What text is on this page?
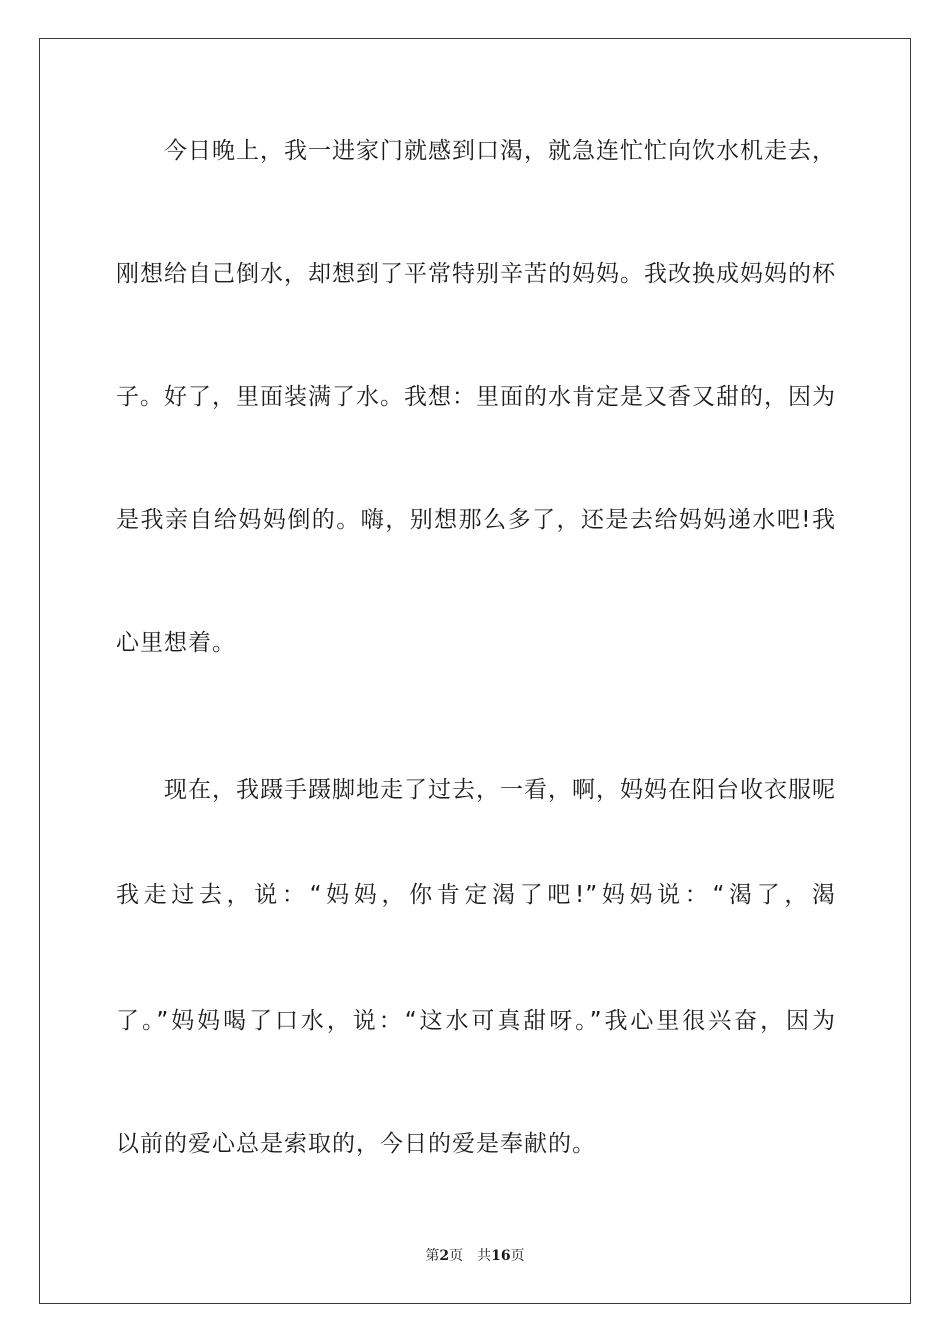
今日晚上，我一进家门就感到口渴，就急连忙忙向饮水机走去，
刚想给自己倒水，却想到了平常特别辛苦的妈妈。我改换成妈妈的杯
子。好了，里面装满了水。我想：里面的水肯定是又香又甜的，因为
是我亲自给妈妈倒的。嗨，别想那么多了，还是去给妈妈递水吧!我
心里想着。
现在，我蹑手蹑脚地走了过去，一看，啊，妈妈在阳台收衣服呢
我走过去，说：“妈妈，你肯定渴了吧!”妈妈说：“渴了，渴
了。”妈妈喝了口水，说：“这水可真甜呀。”我心里很兴奋，因为
以前的爱心总是索取的，今日的爱是奉献的。
第2页 共16页
